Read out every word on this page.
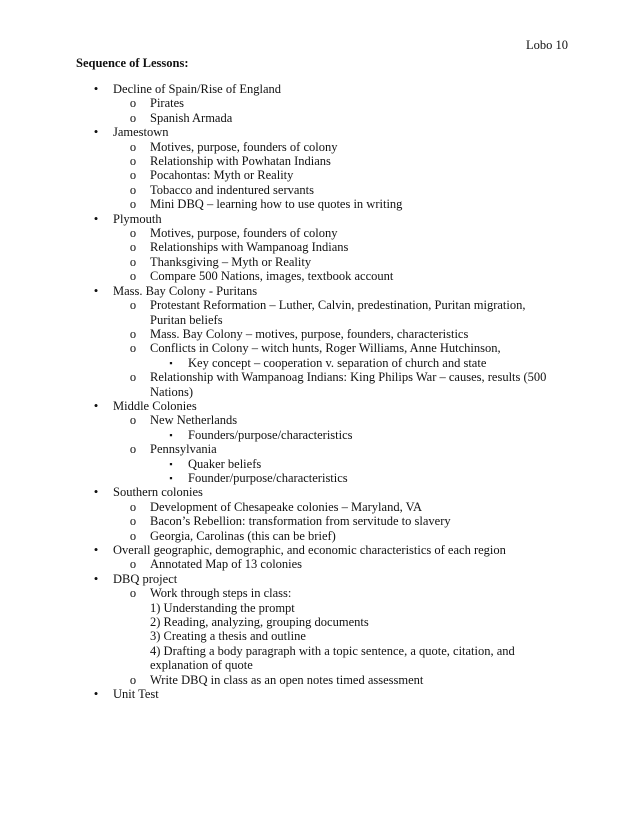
Lobo 10
Sequence of Lessons:
• Decline of Spain/Rise of England
o Pirates
o Spanish Armada
• Jamestown
o Motives, purpose, founders of colony
o Relationship with Powhatan Indians
o Pocahontas: Myth or Reality
o Tobacco and indentured servants
o Mini DBQ – learning how to use quotes in writing
• Plymouth
o Motives, purpose, founders of colony
o Relationships with Wampanoag Indians
o Thanksgiving – Myth or Reality
o Compare 500 Nations, images, textbook account
• Mass. Bay Colony - Puritans
o Protestant Reformation – Luther, Calvin, predestination, Puritan migration,
Puritan beliefs
o Mass. Bay Colony – motives, purpose, founders, characteristics
o Conflicts in Colony – witch hunts, Roger Williams, Anne Hutchinson,
▪ Key concept – cooperation v. separation of church and state
o Relationship with Wampanoag Indians: King Philips War – causes, results (500
Nations)
• Middle Colonies
o New Netherlands
▪ Founders/purpose/characteristics
o Pennsylvania
▪ Quaker beliefs
▪ Founder/purpose/characteristics
• Southern colonies
o Development of Chesapeake colonies – Maryland, VA
o Bacon’s Rebellion: transformation from servitude to slavery
o Georgia, Carolinas (this can be brief)
• Overall geographic, demographic, and economic characteristics of each region
o Annotated Map of 13 colonies
• DBQ project
o Work through steps in class:
1) Understanding the prompt
2) Reading, analyzing, grouping documents
3) Creating a thesis and outline
4) Drafting a body paragraph with a topic sentence, a quote, citation, and
explanation of quote
o Write DBQ in class as an open notes timed assessment
• Unit Test
